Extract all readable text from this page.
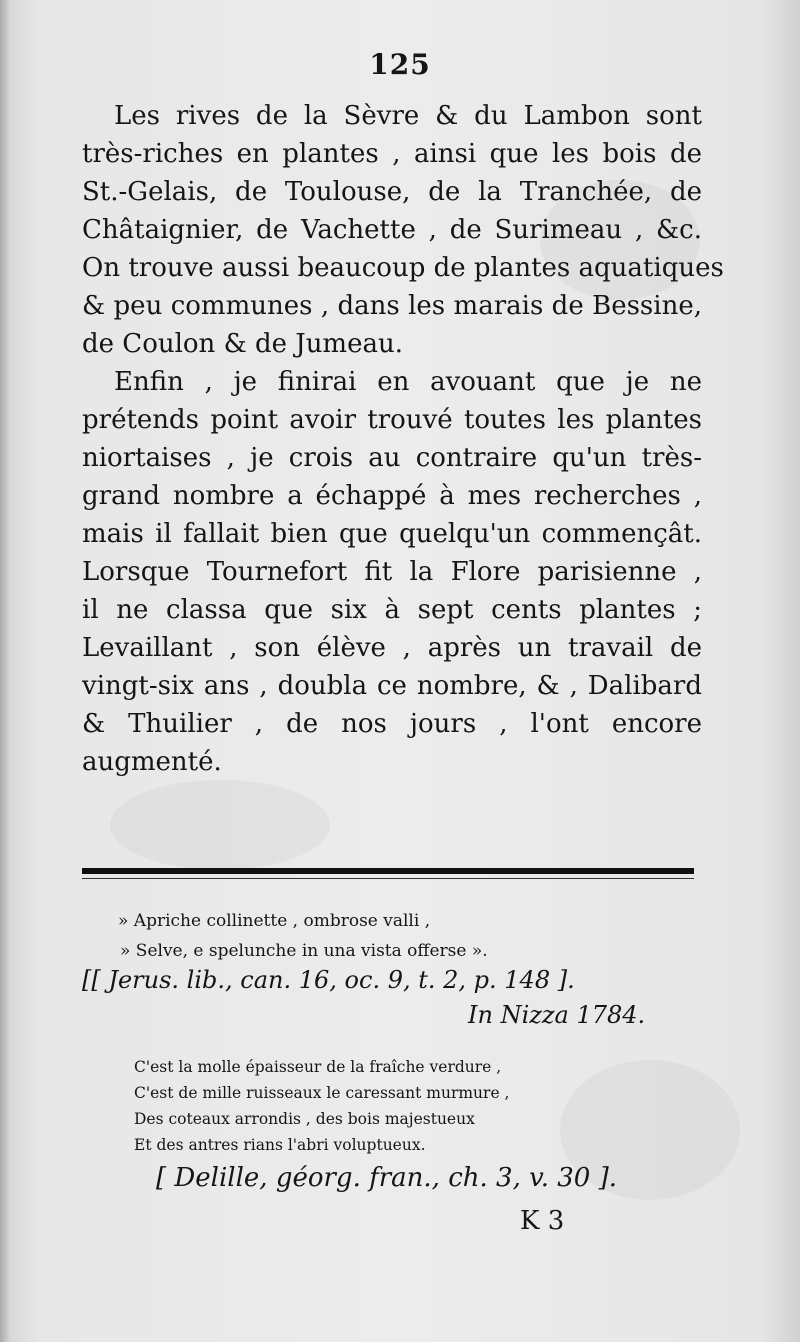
125

Les rives de la Sèvre & du Lambon sont

très-riches en plantes , ainsi que les bois de

St.-Gelais, de Toulouse, de la Tranchée, de

Châtaignier, de Vachette , de Surimeau , &c.

On trouve aussi beaucoup de plantes aquatiques

& peu communes , dans les marais de Bessine,

de Coulon & de Jumeau.

Enfin , je finirai en avouant que je ne

prétends point avoir trouvé toutes les plantes

niortaises , je crois au contraire qu'un très-

grand nombre a échappé à mes recherches ,

mais il fallait bien que quelqu'un commençât.

Lorsque Tournefort fit la Flore parisienne ,

il ne classa que six à sept cents plantes ;

Levaillant , son élève , après un travail de

vingt-six ans , doubla ce nombre, & , Dalibard

& Thuilier , de nos jours , l'ont encore

augmenté.

» Apriche collinette , ombrose valli ,

» Selve, e spelunche in una vista offerse ».

[[ Jerus. lib., can. 16, oc. 9, t. 2, p. 148 ].
In Nizza 1784.

C'est la molle épaisseur de la fraîche verdure ,

C'est de mille ruisseaux le caressant murmure ,

Des coteaux arrondis , des bois majestueux

Et des antres rians l'abri voluptueux.

[ Delille, géorg. fran., ch. 3, v. 30 ].
K 3
